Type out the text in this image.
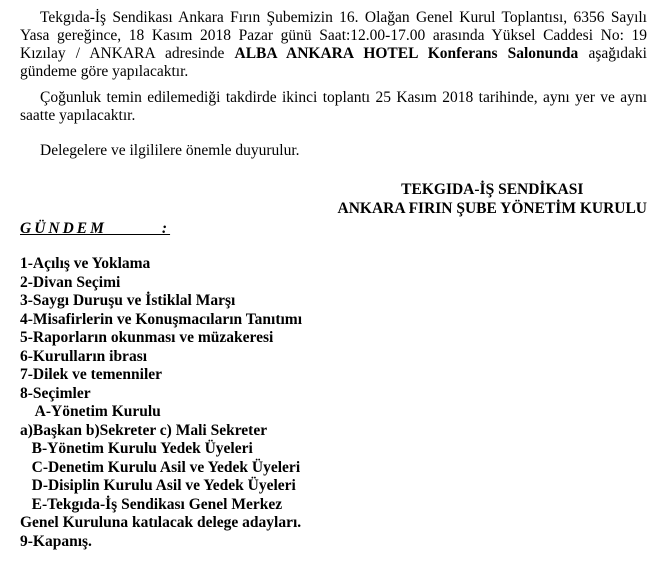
Tekgıda-İş Sendikası Ankara Fırın Şubemizin 16. Olağan Genel Kurul Toplantısı, 6356 Sayılı Yasa gereğince, 18 Kasım 2018 Pazar günü Saat:12.00-17.00 arasında Yüksel Caddesi No: 19 Kızılay / ANKARA adresinde ALBA ANKARA HOTEL Konferans Salonunda aşağıdaki gündeme göre yapılacaktır.

Çoğunluk temin edilemediği takdirde ikinci toplantı 25 Kasım 2018 tarihinde, aynı yer ve aynı saatte yapılacaktır.

Delegelere ve ilgililere önemle duyurulur.

TEKGIDA-İŞ SENDİKASI
ANKARA FIRIN ŞUBE YÖNETİM KURULU
GÜNDEM        :
1-Açılış ve Yoklama
2-Divan Seçimi
3-Saygı Duruşu ve İstiklal Marşı
4-Misafirlerin ve Konuşmacıların Tanıtımı
5-Raporların okunması ve müzakeresi
6-Kurulların ibrası
7-Dilek ve temenniler
8-Seçimler
A-Yönetim Kurulu
a)Başkan b)Sekreter c) Mali Sekreter
B-Yönetim Kurulu Yedek Üyeleri
C-Denetim Kurulu Asil ve Yedek Üyeleri
D-Disiplin Kurulu Asil ve Yedek Üyeleri
E-Tekgıda-İş Sendikası Genel Merkez
Genel Kuruluna katılacak delege adayları.
9-Kapanış.
